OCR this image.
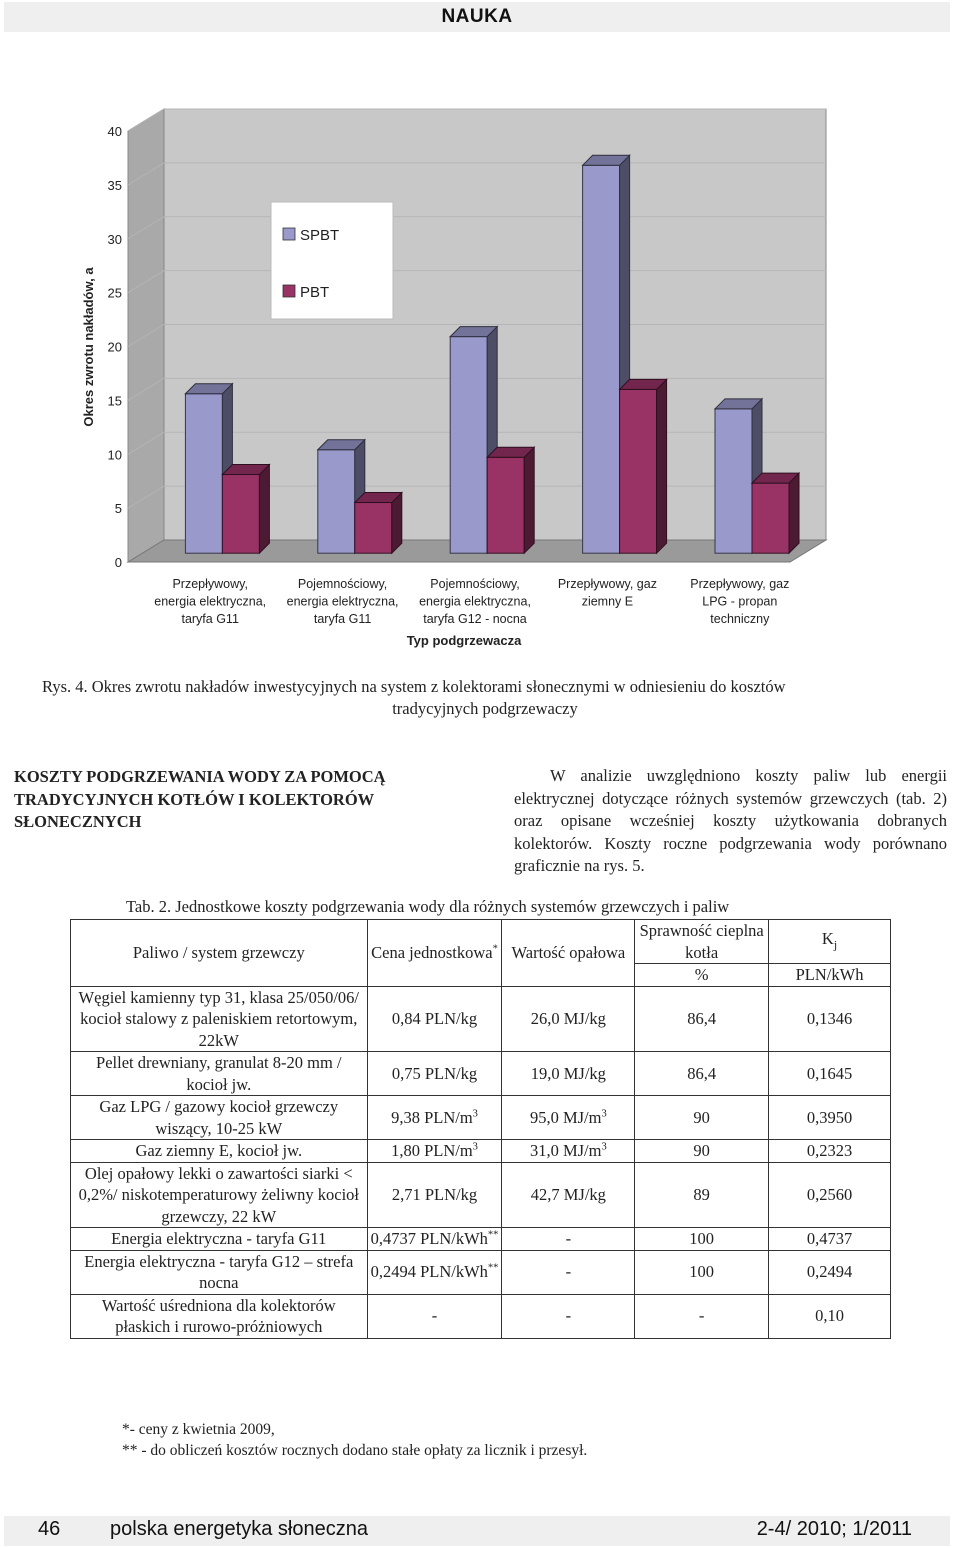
NAUKA
0
5
10
15
20
25
30
35
40
Przepływowy, energia elektryczna, taryfa G11
Pojemnościowy, energia elektryczna, taryfa G11
Pojemnościowy, energia elektryczna, taryfa G12 - nocna
Przepływowy, gaz ziemny E
Przepływowy, gaz LPG - propan techniczny
Okres zwrotu nakładów, a
Typ podgrzewacza
SPBT
PBT
Rys. 4. Okres zwrotu nakładów inwestycyjnych na system z kolektorami słonecznymi w odniesieniu do kosztów
tradycyjnych podgrzewaczy
KOSZTY PODGRZEWANIA WODY ZA POMOCĄ TRADYCYJNYCH KOTŁÓW I KOLEKTORÓW SŁONECZNYCH
W analizie uwzględniono koszty paliw lub energii elektrycznej dotyczące różnych systemów grzewczych (tab. 2) oraz opisane wcześniej koszty użytkowania dobranych kolektorów. Koszty roczne podgrzewania wody porównano graficznie na rys. 5.
Tab. 2. Jednostkowe koszty podgrzewania wody dla różnych systemów grzewczych i paliw
Paliwo / system grzewczy	Cena jednostkowa*	Wartość opałowa	Sprawność cieplna kotła	$K_j$
			%	PLN/kWh
Węgiel kamienny typ 31, klasa 25/050/06/ kocioł stalowy z paleniskiem retortowym, 22kW	0,84 PLN/kg	26,0 MJ/kg	86,4	0,1346
Pellet drewniany, granulat 8-20 mm / kocioł jw.	0,75 PLN/kg	19,0 MJ/kg	86,4	0,1645
Gaz LPG / gazowy kocioł grzewczy wiszący, 10-25 kW	9,38 PLN/$m^3$	95,0 $MJ/m^3$	90	0,3950
Gaz ziemny E, kocioł jw.	1,80 PLN/$m^3$	31,0 $MJ/m^3$	90	0,2323
Olej opałowy lekki o zawartości siarki < 0,2%/ niskotemperaturowy żeliwny kocioł grzewczy, 22 kW	2,71 PLN/kg	42,7 MJ/kg	89	0,2560
Energia elektryczna - taryfa G11	0,4737 PLN/kWh**	-	100	0,4737
Energia elektryczna - taryfa G12 – strefa nocna	0,2494 PLN/kWh**	-	100	0,2494
Wartość uśredniona dla kolektorów płaskich i rurowo-próżniowych	-	-	-	0,10
*- ceny z kwietnia 2009,
** - do obliczeń kosztów rocznych dodano stałe opłaty za licznik i przesył.
46 polska energetyka słoneczna	2-4/ 2010; 1/2011
